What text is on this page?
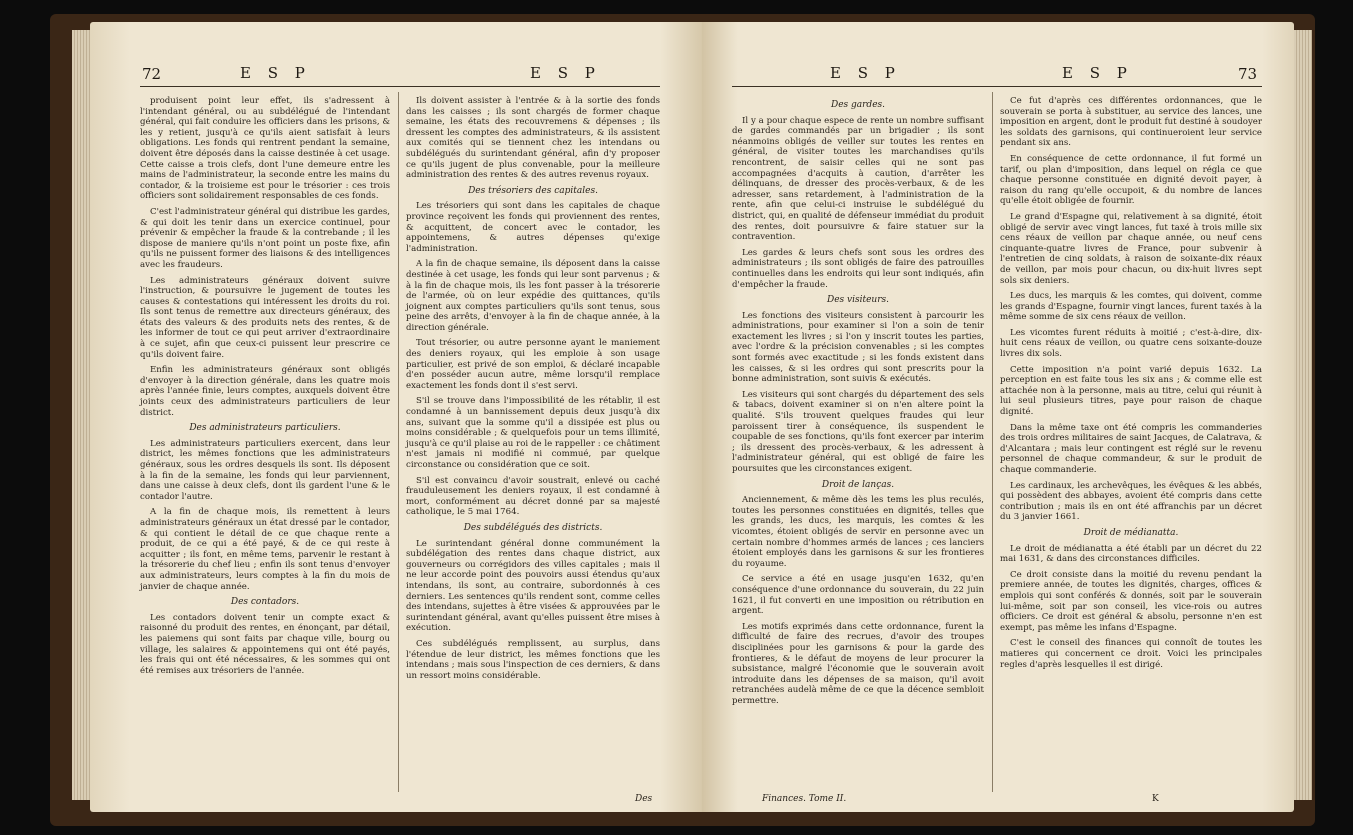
72	E S P	E S P

produisent point leur effet, ils s'adressent à l'intendant général, ou au subdélégué de l'intendant général, qui fait conduire les officiers dans les prisons, & les y retient, jusqu'à ce qu'ils aient satisfait à leurs obligations. Les fonds qui rentrent pendant la semaine, doivent être déposés dans la caisse destinée à cet usage. Cette caisse a trois clefs, dont l'une demeure entre les mains de l'administrateur, la seconde entre les mains du contador, & la troisieme est pour le trésorier : ces trois officiers sont solidairement responsables de ces fonds.

C'est l'administrateur général qui distribue les gardes, & qui doit les tenir dans un exercice continuel, pour prévenir & empêcher la fraude & la contrebande ; il les dispose de maniere qu'ils n'ont point un poste fixe, afin qu'ils ne puissent former des liaisons & des intelligences avec les fraudeurs.

Les administrateurs généraux doivent suivre l'instruction, & poursuivre le jugement de toutes les causes & contestations qui intéressent les droits du roi. Ils sont tenus de remettre aux directeurs généraux, des états des valeurs & des produits nets des rentes, & de les informer de tout ce qui peut arriver d'extraordinaire à ce sujet, afin que ceux-ci puissent leur prescrire ce qu'ils doivent faire.

Enfin les administrateurs généraux sont obligés d'envoyer à la direction générale, dans les quatre mois après l'année finie, leurs comptes, auxquels doivent être joints ceux des administrateurs particuliers de leur district.

Des administrateurs particuliers.

Les administrateurs particuliers exercent, dans leur district, les mêmes fonctions que les administrateurs généraux, sous les ordres desquels ils sont. Ils déposent à la fin de la semaine, les fonds qui leur parviennent, dans une caisse à deux clefs, dont ils gardent l'une & le contador l'autre.

A la fin de chaque mois, ils remettent à leurs administrateurs généraux un état dressé par le contador, & qui contient le détail de ce que chaque rente a produit, de ce qui a été payé, & de ce qui reste à acquitter ; ils font, en même tems, parvenir le restant à la trésorerie du chef lieu ; enfin ils sont tenus d'envoyer aux administrateurs, leurs comptes à la fin du mois de janvier de chaque année.

Des contadors.

Les contadors doivent tenir un compte exact & raisonné du produit des rentes, en énonçant, par détail, les paiemens qui sont faits par chaque ville, bourg ou village, les salaires & appointemens qui ont été payés, les frais qui ont été nécessaires, & les sommes qui ont été remises aux trésoriers de l'année.

Ils doivent assister à l'entrée & à la sortie des fonds dans les caisses ; ils sont chargés de former chaque semaine, les états des recouvremens & dépenses ; ils dressent les comptes des administrateurs, & ils assistent aux comités qui se tiennent chez les intendans ou subdélégués du surintendant général, afin d'y proposer ce qu'ils jugent de plus convenable, pour la meilleure administration des rentes & des autres revenus royaux.

Des trésoriers des capitales.

Les trésoriers qui sont dans les capitales de chaque province reçoivent les fonds qui proviennent des rentes, & acquittent, de concert avec le contador, les appointemens, & autres dépenses qu'exige l'administration.

A la fin de chaque semaine, ils déposent dans la caisse destinée à cet usage, les fonds qui leur sont parvenus ; & à la fin de chaque mois, ils les font passer à la trésorerie de l'armée, où on leur expédie des quittances, qu'ils joignent aux comptes particuliers qu'ils sont tenus, sous peine des arrêts, d'envoyer à la fin de chaque année, à la direction générale.

Tout trésorier, ou autre personne ayant le maniement des deniers royaux, qui les emploie à son usage particulier, est privé de son emploi, & déclaré incapable d'en posséder aucun autre, même lorsqu'il remplace exactement les fonds dont il s'est servi.

S'il se trouve dans l'impossibilité de les rétablir, il est condamné à un bannissement depuis deux jusqu'à dix ans, suivant que la somme qu'il a dissipée est plus ou moins considérable ; & quelquefois pour un tems illimité, jusqu'à ce qu'il plaise au roi de le rappeller : ce châtiment n'est jamais ni modifié ni commué, par quelque circonstance ou considération que ce soit.

S'il est convaincu d'avoir soustrait, enlevé ou caché frauduleusement les deniers royaux, il est condamné à mort, conformément au décret donné par sa majesté catholique, le 5 mai 1764.

Des subdélégués des districts.

Le surintendant général donne communément la subdélégation des rentes dans chaque district, aux gouverneurs ou corrégidors des villes capitales ; mais il ne leur accorde point des pouvoirs aussi étendus qu'aux intendans, ils sont, au contraire, subordonnés à ces derniers. Les sentences qu'ils rendent sont, comme celles des intendans, sujettes à être visées & approuvées par le surintendant général, avant qu'elles puissent être mises à exécution.

Ces subdélégués remplissent, au surplus, dans l'étendue de leur district, les mêmes fonctions que les intendans ; mais sous l'inspection de ces derniers, & dans un ressort moins considérable.

Des
E S P	E S P	73
Des gardes.

Il y a pour chaque espece de rente un nombre suffisant de gardes commandés par un brigadier ; ils sont néanmoins obligés de veiller sur toutes les rentes en général, de visiter toutes les marchandises qu'ils rencontrent, de saisir celles qui ne sont pas accompagnées d'acquits à caution, d'arrêter les délinquans, de dresser des procès-verbaux, & de les adresser, sans retardement, à l'administration de la rente, afin que celui-ci instruise le subdélégué du district, qui, en qualité de défenseur immédiat du produit des rentes, doit poursuivre & faire statuer sur la contravention.

Les gardes & leurs chefs sont sous les ordres des administrateurs ; ils sont obligés de faire des patrouilles continuelles dans les endroits qui leur sont indiqués, afin d'empêcher la fraude.

Des visiteurs.

Les fonctions des visiteurs consistent à parcourir les administrations, pour examiner si l'on a soin de tenir exactement les livres ; si l'on y inscrit toutes les parties, avec l'ordre & la précision convenables ; si les comptes sont formés avec exactitude ; si les fonds existent dans les caisses, & si les ordres qui sont prescrits pour la bonne administration, sont suivis & exécutés.

Les visiteurs qui sont chargés du département des sels & tabacs, doivent examiner si on n'en altere point la qualité. S'ils trouvent quelques fraudes qui leur paroissent tirer à conséquence, ils suspendent le coupable de ses fonctions, qu'ils font exercer par interim ; ils dressent des procès-verbaux, & les adressent à l'administrateur général, qui est obligé de faire les poursuites que les circonstances exigent.

Droit de lanças.

Anciennement, & même dès les tems les plus reculés, toutes les personnes constituées en dignités, telles que les grands, les ducs, les marquis, les comtes & les vicomtes, étoient obligés de servir en personne avec un certain nombre d'hommes armés de lances ; ces lanciers étoient employés dans les garnisons & sur les frontieres du royaume.

Ce service a été en usage jusqu'en 1632, qu'en conséquence d'une ordonnance du souverain, du 22 juin 1621, il fut converti en une imposition ou rétribution en argent.

Les motifs exprimés dans cette ordonnance, furent la difficulté de faire des recrues, d'avoir des troupes disciplinées pour les garnisons & pour la garde des frontieres, & le défaut de moyens de leur procurer la subsistance, malgré l'économie que le souverain avoit introduite dans les dépenses de sa maison, qu'il avoit retranchées audelà même de ce que la décence sembloit permettre.

Ce fut d'après ces différentes ordonnances, que le souverain se porta à substituer, au service des lances, une imposition en argent, dont le produit fut destiné à soudoyer les soldats des garnisons, qui continueroient leur service pendant six ans.

En conséquence de cette ordonnance, il fut formé un tarif, ou plan d'imposition, dans lequel on régla ce que chaque personne constituée en dignité devoit payer, à raison du rang qu'elle occupoit, & du nombre de lances qu'elle étoit obligée de fournir.

Le grand d'Espagne qui, relativement à sa dignité, étoit obligé de servir avec vingt lances, fut taxé à trois mille six cens réaux de veillon par chaque année, ou neuf cens cinquante-quatre livres de France, pour subvenir à l'entretien de cinq soldats, à raison de soixante-dix réaux de veillon, par mois pour chacun, ou dix-huit livres sept sols six deniers.

Les ducs, les marquis & les comtes, qui doivent, comme les grands d'Espagne, fournir vingt lances, furent taxés à la même somme de six cens réaux de veillon.

Les vicomtes furent réduits à moitié ; c'est-à-dire, dix-huit cens réaux de veillon, ou quatre cens soixante-douze livres dix sols.

Cette imposition n'a point varié depuis 1632. La perception en est faite tous les six ans ; & comme elle est attachée non à la personne, mais au titre, celui qui réunit à lui seul plusieurs titres, paye pour raison de chaque dignité.

Dans la même taxe ont été compris les commanderies des trois ordres militaires de saint Jacques, de Calatrava, & d'Alcantara ; mais leur contingent est réglé sur le revenu personnel de chaque commandeur, & sur le produit de chaque commanderie.

Les cardinaux, les archevêques, les évêques & les abbés, qui possèdent des abbayes, avoient été compris dans cette contribution ; mais ils en ont été affranchis par un décret du 3 janvier 1661.

Droit de médianatta.

Le droit de médianatta a été établi par un décret du 22 mai 1631, & dans des circonstances difficiles.

Ce droit consiste dans la moitié du revenu pendant la premiere année, de toutes les dignités, charges, offices & emplois qui sont conférés & donnés, soit par le souverain lui-même, soit par son conseil, les vice-rois ou autres officiers. Ce droit est général & absolu, personne n'en est exempt, pas même les infans d'Espagne.

C'est le conseil des finances qui connoît de toutes les matieres qui concernent ce droit. Voici les principales regles d'après lesquelles il est dirigé.

Finances. Tome II.	K
